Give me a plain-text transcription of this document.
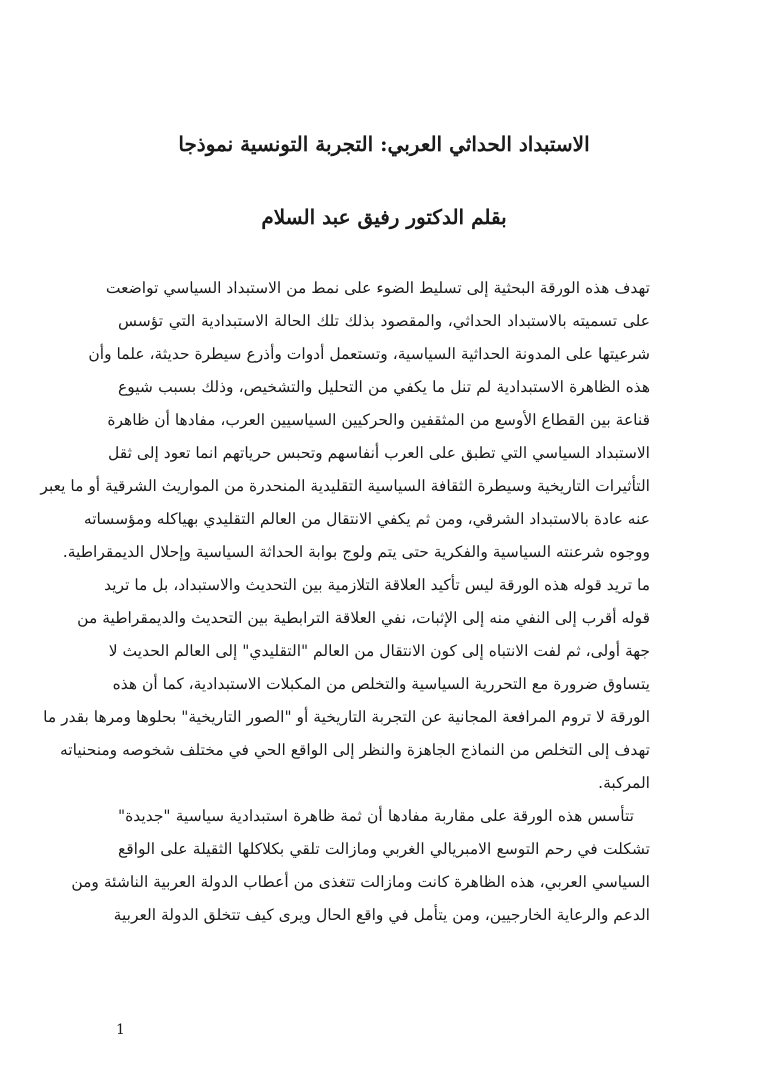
الاستبداد الحداثي العربي: التجربة التونسية نموذجا
بقلم الدكتور رفيق عبد السلام
تهدف هذه الورقة البحثية إلى تسليط الضوء على نمط من الاستبداد السياسي تواضعت
على تسميته بالاستبداد الحداثي، والمقصود بذلك تلك الحالة الاستبدادية التي تؤسس
شرعيتها على المدونة الحداثية السياسية، وتستعمل أدوات وأذرع سيطرة حديثة، علما وأن
هذه الظاهرة الاستبدادية لم تنل ما يكفي من التحليل والتشخيص، وذلك بسبب شيوع
قناعة بين القطاع الأوسع من المثقفين والحركيين السياسيين العرب، مفادها أن ظاهرة
الاستبداد السياسي التي تطبق على العرب أنفاسهم وتحبس حرياتهم انما تعود إلى ثقل
التأثيرات التاريخية وسيطرة الثقافة السياسية التقليدية المنحدرة من المواريث الشرقية أو ما يعبر
عنه عادة بالاستبداد الشرقي، ومن ثم يكفي الانتقال من العالم التقليدي بهياكله ومؤسساته
ووجوه شرعنته السياسية والفكرية حتى يتم ولوج بوابة الحداثة السياسية وإحلال الديمقراطية.
ما تريد قوله هذه الورقة ليس تأكيد العلاقة التلازمية بين التحديث والاستبداد، بل ما تريد
قوله أقرب إلى النفي منه إلى الإثبات، نفي العلاقة الترابطية بين التحديث والديمقراطية من
جهة أولى، ثم لفت الانتباه إلى كون الانتقال من العالم "التقليدي" إلى العالم الحديث لا
يتساوق ضرورة مع التحررية السياسية والتخلص من المكبلات الاستبدادية، كما أن هذه
الورقة لا تروم المرافعة المجانية عن التجربة التاريخية أو "الصور التاريخية" بحلوها ومرها بقدر ما
تهدف إلى التخلص من النماذج الجاهزة والنظر إلى الواقع الحي في مختلف شخوصه ومنحنياته
المركبة.
تتأسس هذه الورقة على مقاربة مفادها أن ثمة ظاهرة استبدادية سياسية "جديدة"
تشكلت في رحم التوسع الامبريالي الغربي ومازالت تلقي بكلاكلها الثقيلة على الواقع
السياسي العربي، هذه الظاهرة كانت ومازالت تتغذى من أعطاب الدولة العربية الناشئة ومن
الدعم والرعاية الخارجيين، ومن يتأمل في واقع الحال ويرى كيف تتخلق الدولة العربية
1
